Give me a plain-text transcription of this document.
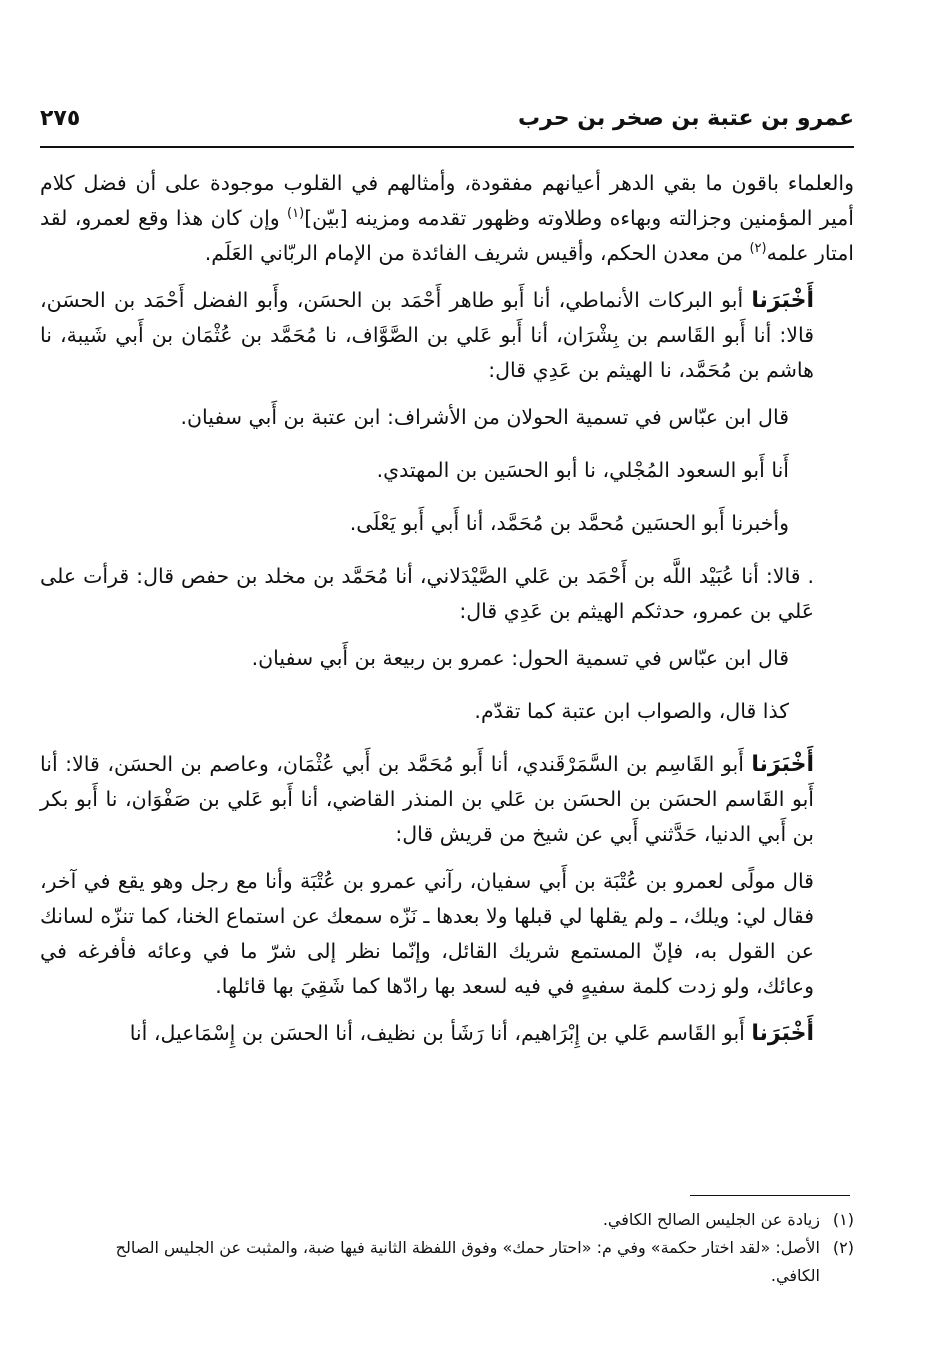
عمرو بن عتبة بن صخر بن حرب
٢٧٥

والعلماء باقون ما بقي الدهر أعيانهم مفقودة، وأمثالهم في القلوب موجودة على أن فضل كلام أمير المؤمنين وجزالته وبهاءه وطلاوته وظهور تقدمه ومزينه [بيّن]$^{(١)}$ وإن كان هذا وقع لعمرو، لقد امتار علمه$^{(٢)}$ من معدن الحكم، وأقيس شريف الفائدة من الإمام الربّاني العَلَم.

أَخْبَرَنا أبو البركات الأنماطي، أنا أَبو طاهر أَحْمَد بن الحسَن، وأَبو الفضل أَحْمَد بن الحسَن، قالا: أنا أَبو القَاسم بن بِشْرَان، أنا أَبو عَلي بن الصَّوَّاف، نا مُحَمَّد بن عُثْمَان بن أَبي شَيبة، نا هاشم بن مُحَمَّد، نا الهيثم بن عَدِي قال:

قال ابن عبّاس في تسمية الحولان من الأشراف: ابن عتبة بن أَبي سفيان.

أَنا أَبو السعود المُجْلي، نا أبو الحسَين بن المهتدي.

وأخبرنا أَبو الحسَين مُحمَّد بن مُحَمَّد، أنا أَبي أَبو يَعْلَى.

. قالا: أنا عُبَيْد اللَّه بن أَحْمَد بن عَلي الصَّيْدَلاني، أنا مُحَمَّد بن مخلد بن حفص قال: قرأت على عَلي بن عمرو، حدثكم الهيثم بن عَدِي قال:

قال ابن عبّاس في تسمية الحول: عمرو بن ربيعة بن أَبي سفيان.

كذا قال، والصواب ابن عتبة كما تقدّم.

أَخْبَرَنا أَبو القَاسِم بن السَّمَرْقَندي، أنا أَبو مُحَمَّد بن أَبي عُثْمَان، وعاصم بن الحسَن، قالا: أنا أَبو القَاسم الحسَن بن الحسَن بن عَلي بن المنذر القاضي، أنا أَبو عَلي بن صَفْوَان، نا أَبو بكر بن أَبي الدنيا، حَدَّثني أَبي عن شيخ من قريش قال:

قال مولًى لعمرو بن عُتْبَة بن أَبي سفيان، رآني عمرو بن عُتْبَة وأنا مع رجل وهو يقع في آخر، فقال لي: ويلك، ـ ولم يقلها لي قبلها ولا بعدها ـ نَزّه سمعك عن استماع الخنا، كما تنزّه لسانك عن القول به، فإنّ المستمع شريك القائل، وإنّما نظر إلى شرّ ما في وعائه فأفرغه في وعائك، ولو زدت كلمة سفيهٍ في فيه لسعد بها رادّها كما شَقِيَ بها قائلها.

أَخْبَرَنا أَبو القَاسم عَلي بن إِبْرَاهيم، أنا رَشَأ بن نظيف، أنا الحسَن بن إِسْمَاعيل، أنا

(١)زيادة عن الجليس الصالح الكافي.

(٢)الأصل: «لقد اختار حكمة» وفي م: «احتار حمك» وفوق اللفظة الثانية فيها ضبة، والمثبت عن الجليس الصالح

الكافي.
